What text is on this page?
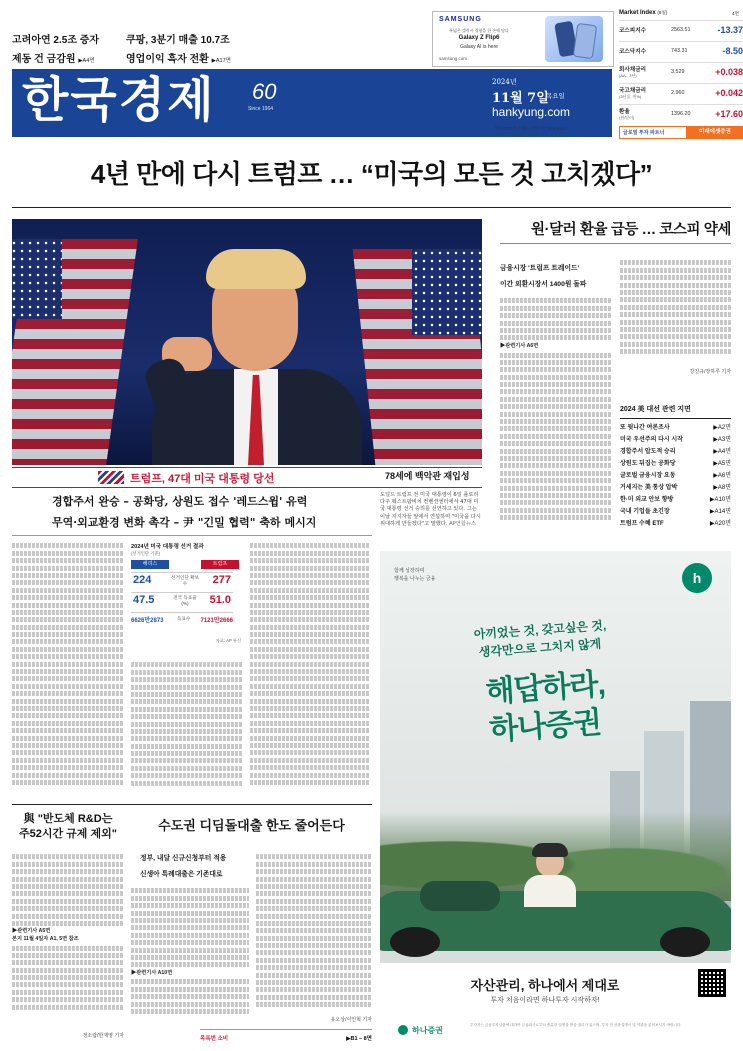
고려아연 2.5조 증자
제동 건 금감원 ▶A4면
쿠팡, 3분기 매출 10.7조
영업이익 흑자 전환 ▶A17면
SAMSUNG
폭넓은 갤럭시 경험을 한 손에 담다
Galaxy Z Flip6
Galaxy AI is here
samsung.com
한국경제 60
Since 1964
2024년
11월 7일
목요일
hankyung.com
제19,600호 | 대표전화 02) 360-4114
Market Index (6일)	4면
코스피지수	2563.51	-13.37
코스닥지수	743.31	-8.50
회사채금리
(AA-, 3년)
3.529	+0.038
국고채금리
(3년물, 연%)
2.960	+0.042
환율
(원/달러)
1396.20	+17.60
글로벌 투자 파트너	미래에셋증권
4년 만에 다시 트럼프 … “미국의 모든 것 고치겠다”
트럼프, 47대 미국 대통령 당선	78세에 백악관 재입성
도널드 트럼프 전 미국 대통령이 6일 플로리다주 웨스트팜비치 컨벤션센터에서 47대 미국 대통령 선거 승리를 선언하고 있다. 그는 이날 지지자들 앞에서 연설하며 "미국을 다시 위대하게 만들겠다"고 말했다. AP연합뉴스
경합주서 완승 – 공화당, 상원도 접수 '레드스윕' 유력
무역·외교환경 변화 촉각 – 尹 "긴밀 협력" 축하 메시지
2024년 미국 대통령 선거 결과
(선거인단 기준)
해리스	트럼프
224	선거인단 확보수	277
47.5	전국 득표율(%)	51.0
6626만2873	득표수 7121만2666
자료: AP 통신
원·달러 환율 급등 … 코스피 약세
금융시장 '트럼프 트레이드'
이간 외환시장서 1400원 돌파
▶관련기사 A6면
강진규/장하루 기자
2024 美 대선 관련 지면
또 뒷나간 여론조사	▶A2면
미국 우선주의 다시 시작	▶A3면
경합주서 압도적 승리	▶A4면
상원도 뒤집는 공화당	▶A5면
글로벌 금융시장 요동	▶A6면
거세지는 美 통상 압박	▶A8면
한·미 외교 안보 향방	▶A10면
국내 기업들 초긴장	▶A14면
트럼프 수혜 ETF	▶A20면
與 "반도체 R&D는
주52시간 규제 제외"
▶관련기사 A5면
본지 11월 4일자 A1, 5면 참조
정소람/한재영 기자
수도권 디딤돌대출 한도 줄어든다
정부, 내달 신규신청부터 적용
신생아 특례대출은 기존대로
▶관련기사 A10면
유오상/이인혁 기자
목록번 소비	▶B1 – 8면
함께 성장하며
행복을 나누는 금융	h
아끼었는 것, 갖고싶은 것,
생각만으로 그치지 않게
해답하라,
하나증권
자산관리, 하나에서 제대로
투자 처음이라면 하나투자 시작하자!
하나증권
투자자는 금융투자상품에 대하여 금융회사로부터 충분한 설명을 받을 권리가 있으며, 투자 전 상품설명서 및 약관을 읽어보시기 바랍니다.
